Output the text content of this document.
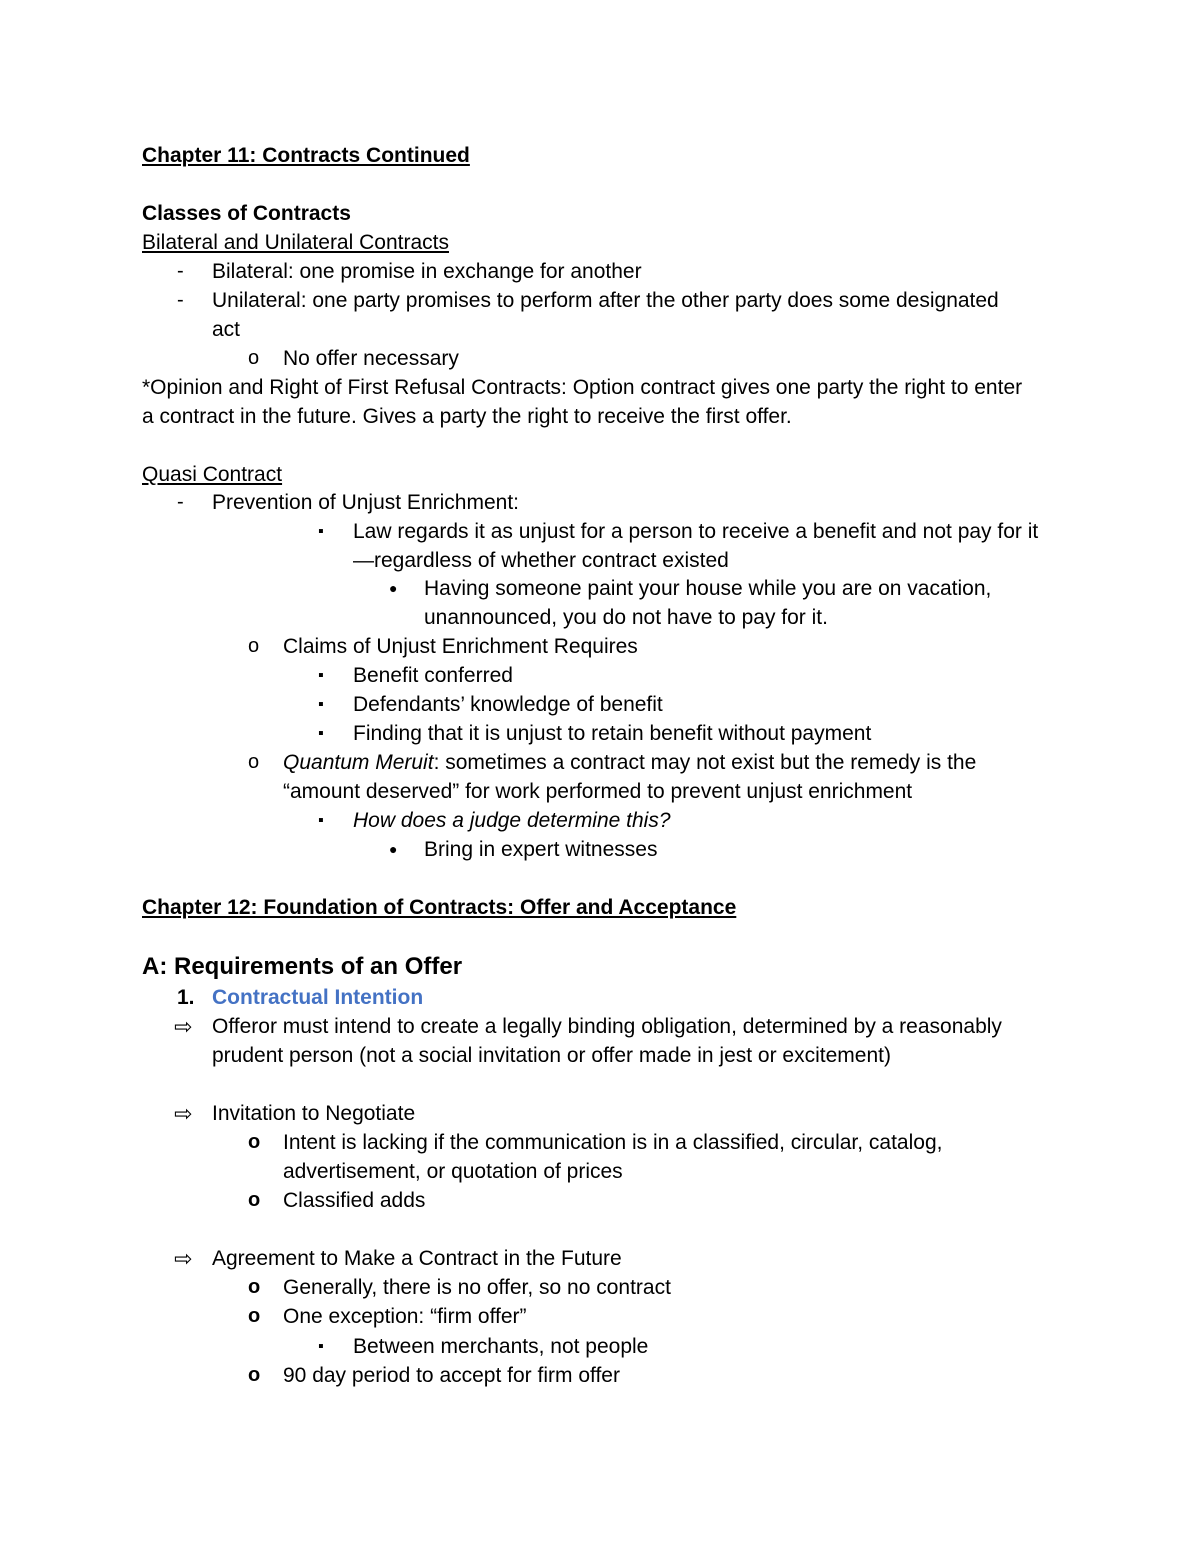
Chapter 11: Contracts Continued
Classes of Contracts
Bilateral and Unilateral Contracts
- Bilateral: one promise in exchange for another
- Unilateral: one party promises to perform after the other party does some designated
act
o No offer necessary
*Opinion and Right of First Refusal Contracts: Option contract gives one party the right to enter
a contract in the future. Gives a party the right to receive the first offer.
Quasi Contract
- Prevention of Unjust Enrichment:
▪ Law regards it as unjust for a person to receive a benefit and not pay for it
—regardless of whether contract existed
● Having someone paint your house while you are on vacation,
unannounced, you do not have to pay for it.
o Claims of Unjust Enrichment Requires
▪ Benefit conferred
▪ Defendants’ knowledge of benefit
▪ Finding that it is unjust to retain benefit without payment
o Quantum Meruit: sometimes a contract may not exist but the remedy is the
“amount deserved” for work performed to prevent unjust enrichment
▪ How does a judge determine this?
● Bring in expert witnesses
Chapter 12: Foundation of Contracts: Offer and Acceptance
A: Requirements of an Offer
1. Contractual Intention
⇨ Offeror must intend to create a legally binding obligation, determined by a reasonably
prudent person (not a social invitation or offer made in jest or excitement)
⇨ Invitation to Negotiate
o Intent is lacking if the communication is in a classified, circular, catalog,
advertisement, or quotation of prices
o Classified adds
⇨ Agreement to Make a Contract in the Future
o Generally, there is no offer, so no contract
o One exception: “firm offer”
▪ Between merchants, not people
o 90 day period to accept for firm offer
